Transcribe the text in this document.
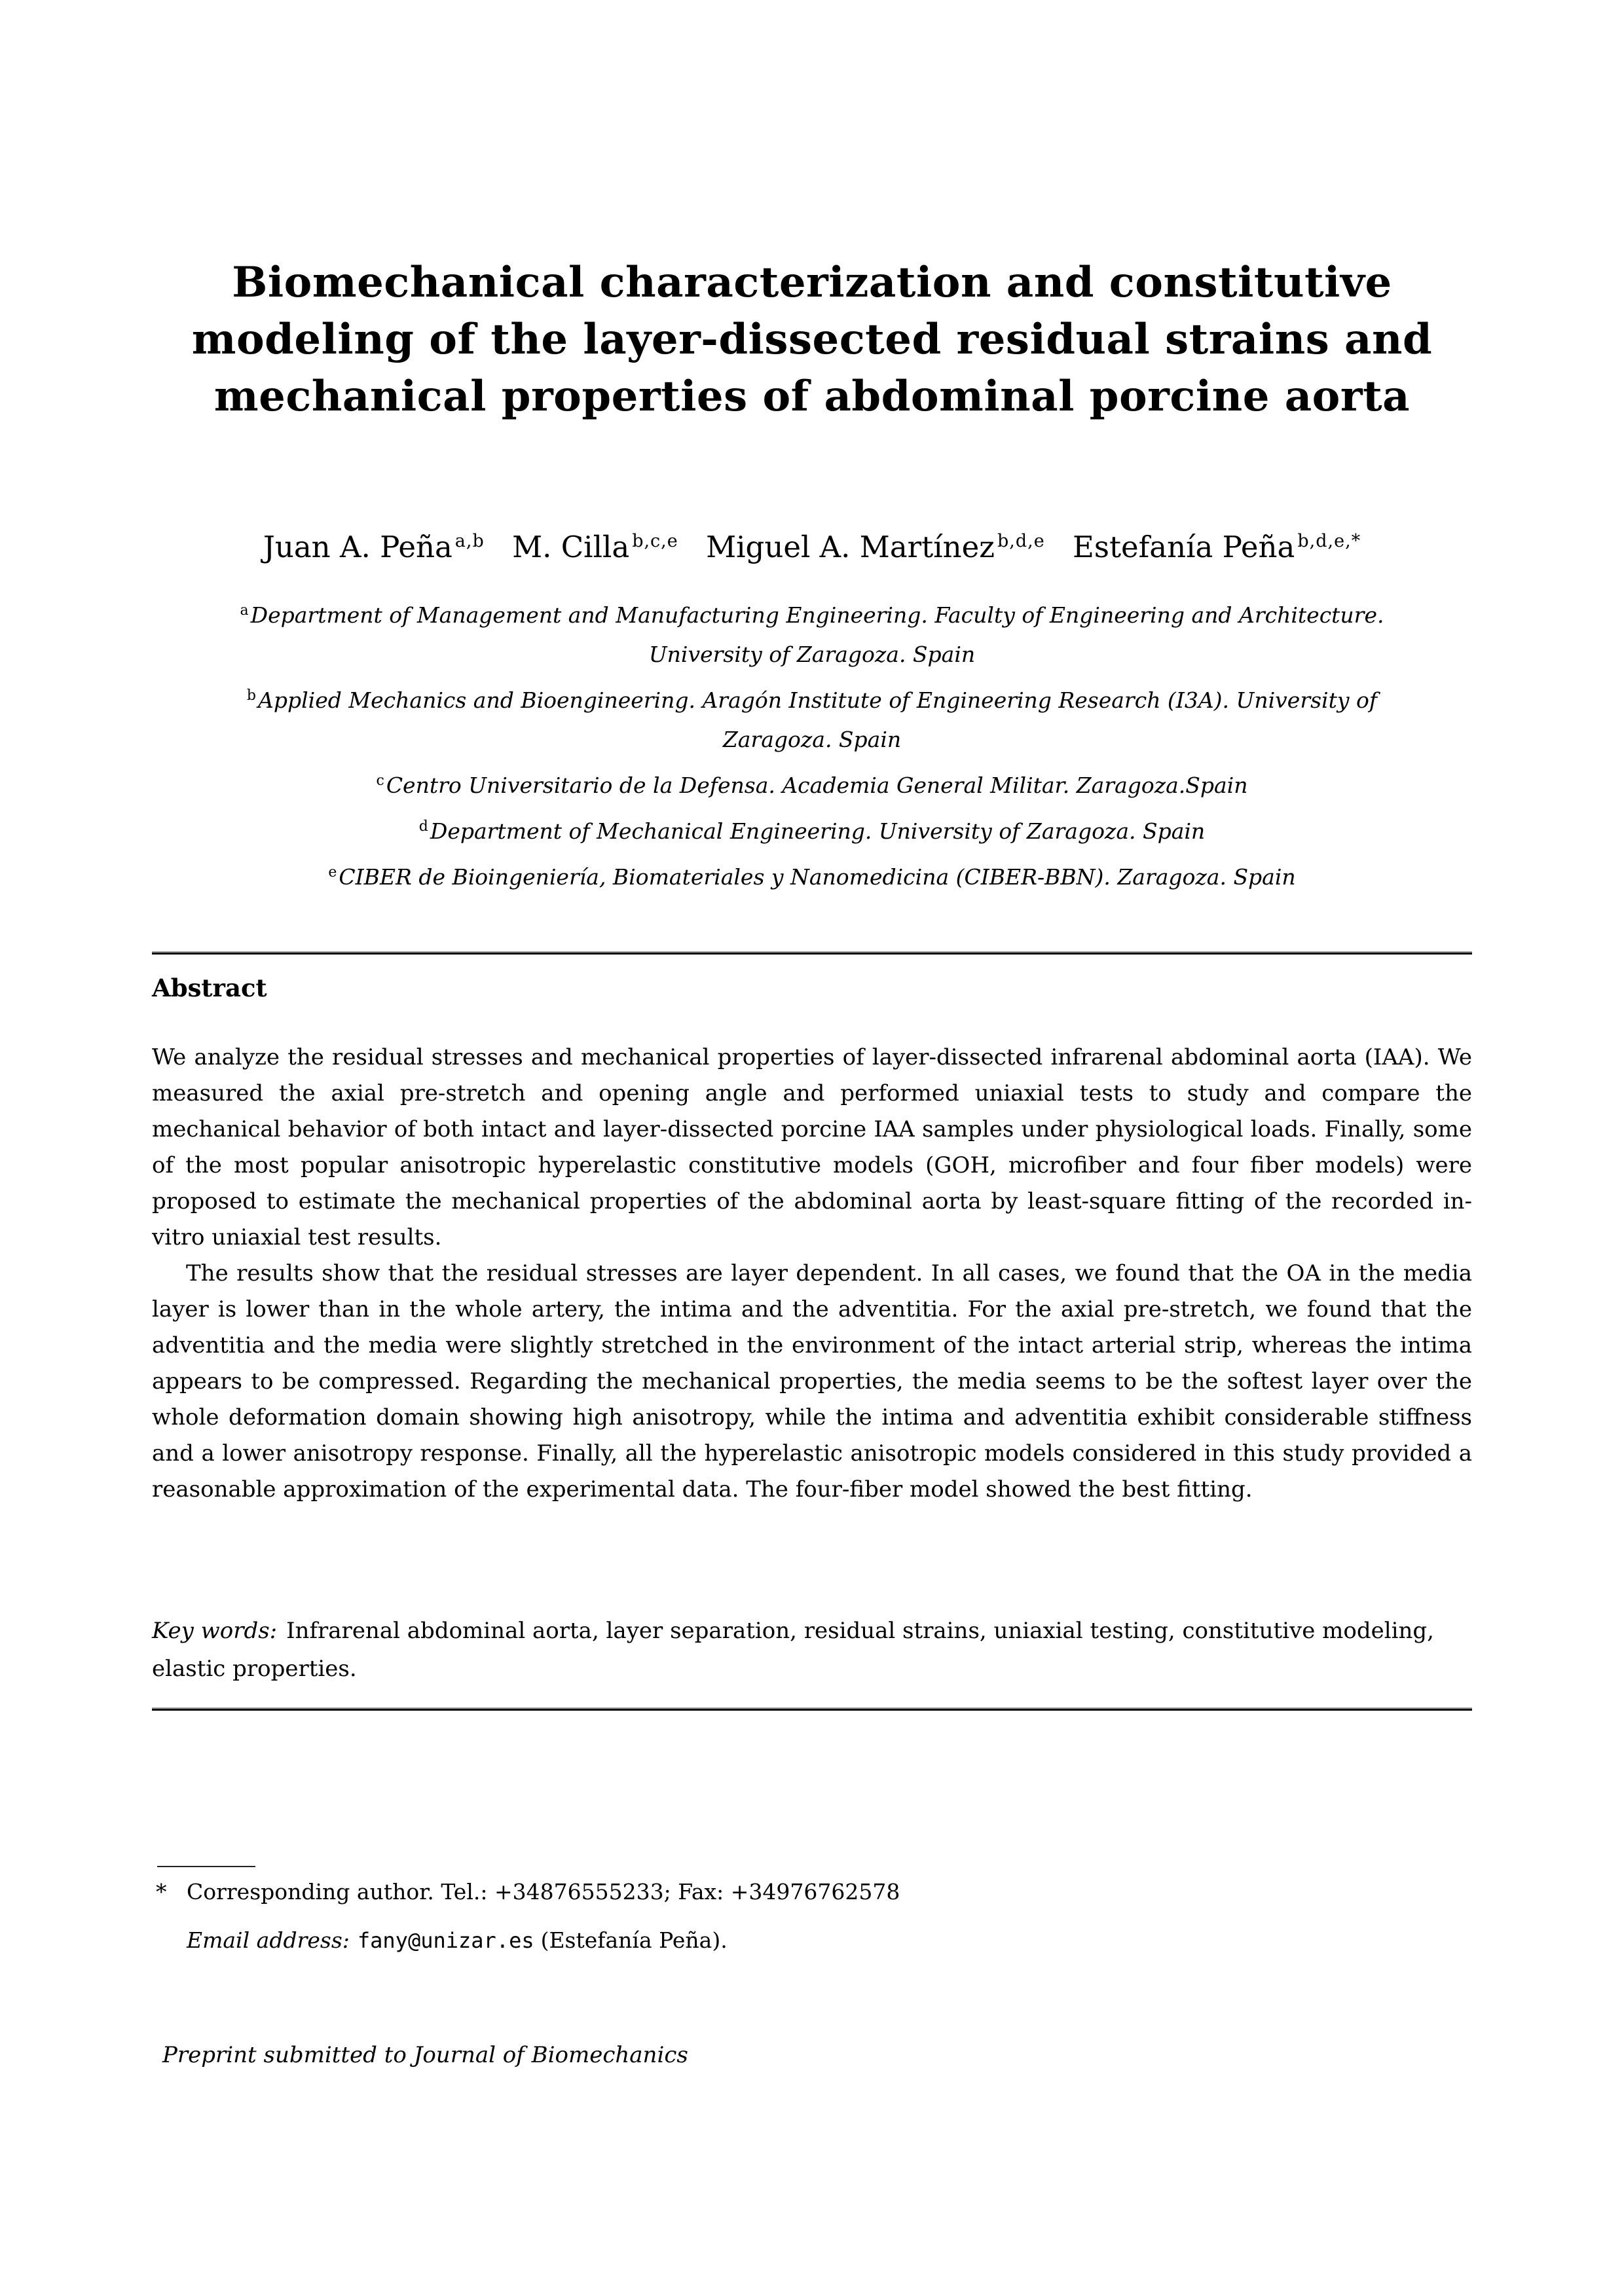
Biomechanical characterization and constitutive
modeling of the layer-dissected residual strains and
mechanical properties of abdominal porcine aorta
Juan A. Peña $^{a,b}$ M. Cilla $^{b,c,e}$ Miguel A. Martínez $^{b,d,e}$ Estefanía Peña $^{b,d,e,*}$
$^a$Department of Management and Manufacturing Engineering. Faculty of Engineering and Architecture. University of Zaragoza. Spain
$^b$Applied Mechanics and Bioengineering. Aragón Institute of Engineering Research (I3A). University of Zaragoza. Spain
$^c$Centro Universitario de la Defensa. Academia General Militar. Zaragoza.Spain
$^d$Department of Mechanical Engineering. University of Zaragoza. Spain
$^e$CIBER de Bioingeniería, Biomateriales y Nanomedicina (CIBER-BBN). Zaragoza. Spain
Abstract

We analyze the residual stresses and mechanical properties of layer-dissected infrarenal abdominal aorta (IAA). We measured the axial pre-stretch and opening angle and performed uniaxial tests to study and compare the mechanical behavior of both intact and layer-dissected porcine IAA samples under physiological loads. Finally, some of the most popular anisotropic hyperelastic constitutive models (GOH, microfiber and four fiber models) were proposed to estimate the mechanical properties of the abdominal aorta by least-square fitting of the recorded in-vitro uniaxial test results.

The results show that the residual stresses are layer dependent. In all cases, we found that the OA in the media layer is lower than in the whole artery, the intima and the adventitia. For the axial pre-stretch, we found that the adventitia and the media were slightly stretched in the environment of the intact arterial strip, whereas the intima appears to be compressed. Regarding the mechanical properties, the media seems to be the softest layer over the whole deformation domain showing high anisotropy, while the intima and adventitia exhibit considerable stiffness and a lower anisotropy response. Finally, all the hyperelastic anisotropic models considered in this study provided a reasonable approximation of the experimental data. The four-fiber model showed the best fitting.

Key words: Infrarenal abdominal aorta, layer separation, residual strains, uniaxial testing, constitutive modeling, elastic properties.
* Corresponding author. Tel.: +34876555233; Fax: +34976762578
Email address: fany@unizar.es (Estefanía Peña).
Preprint submitted to Journal of Biomechanics
